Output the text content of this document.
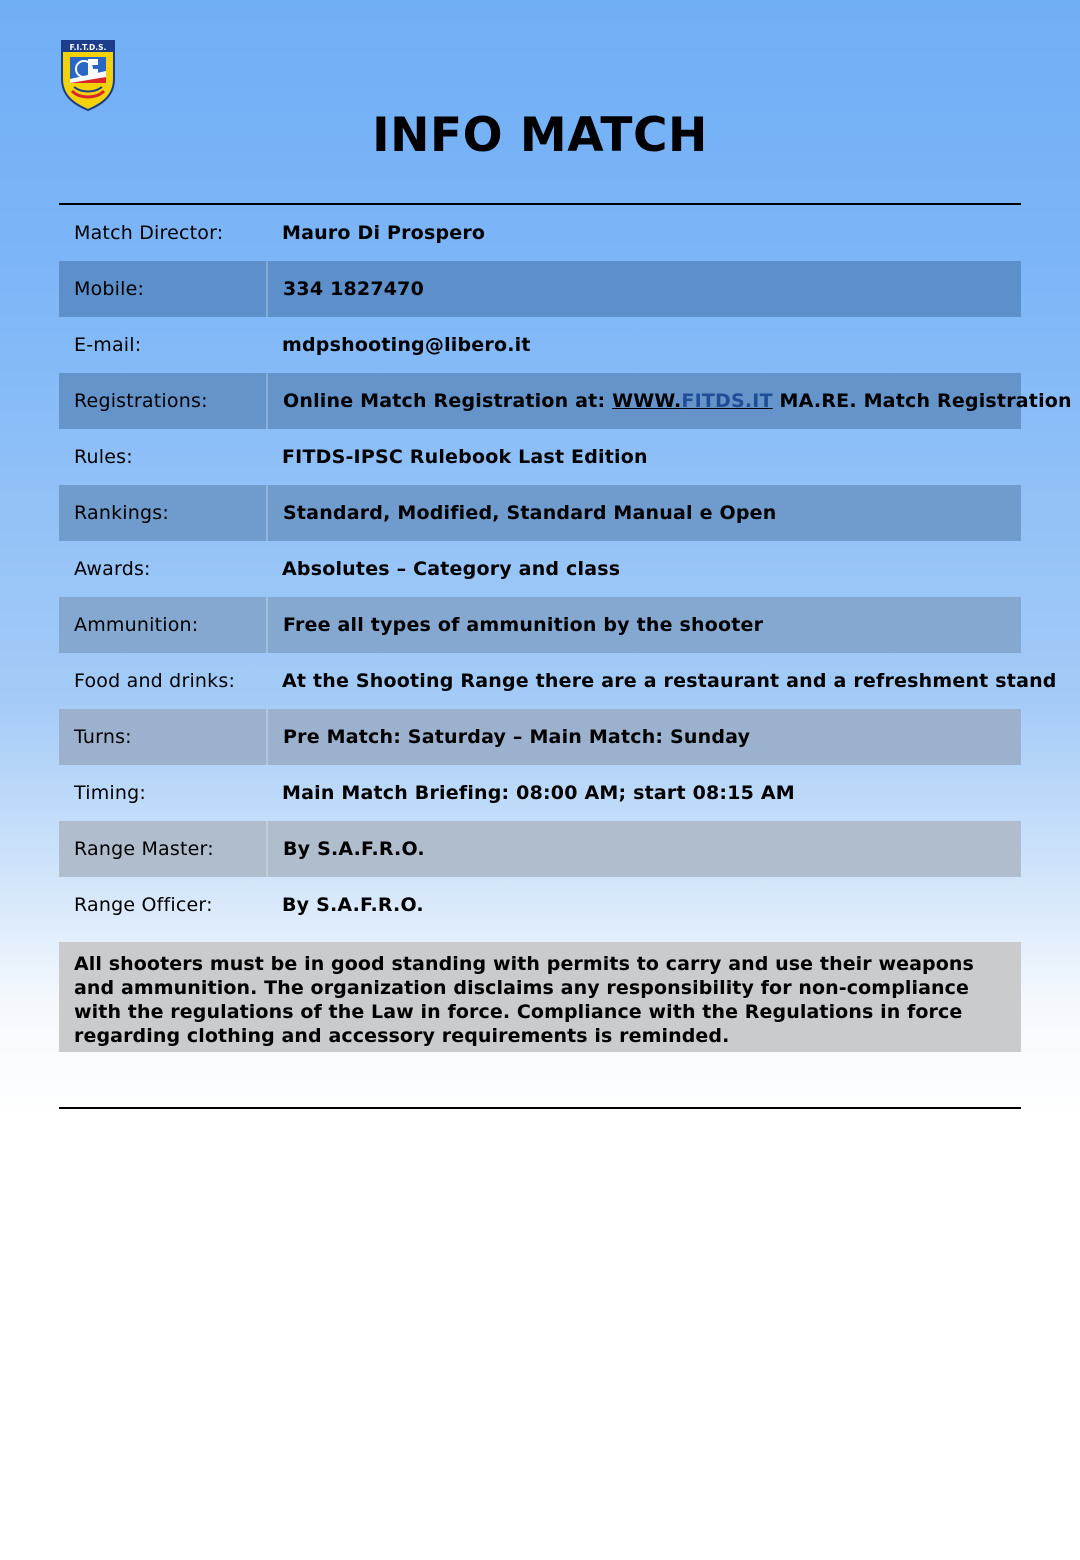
F.I.T.D.S.
INFO MATCH
Match Director:	Mauro Di Prospero
Mobile:	334 1827470
E-mail:	mdpshooting@libero.it
Registrations:	Online Match Registration at: WWW.FITDS.IT MA.RE. Match Registration
Rules:	FITDS-IPSC Rulebook Last Edition
Rankings:	Standard, Modified, Standard Manual e Open
Awards:	Absolutes – Category and class
Ammunition:	Free all types of ammunition by the shooter
Food and drinks:	At the Shooting Range there are a restaurant and a refreshment stand
Turns:	Pre Match: Saturday – Main Match: Sunday
Timing:	Main Match Briefing: 08:00 AM; start 08:15 AM
Range Master:	By S.A.F.R.O.
Range Officer:	By S.A.F.R.O.
All shooters must be in good standing with permits to carry and use their weapons and ammunition. The organization disclaims any responsibility for non-compliance with the regulations of the Law in force. Compliance with the Regulations in force regarding clothing and accessory requirements is reminded.
